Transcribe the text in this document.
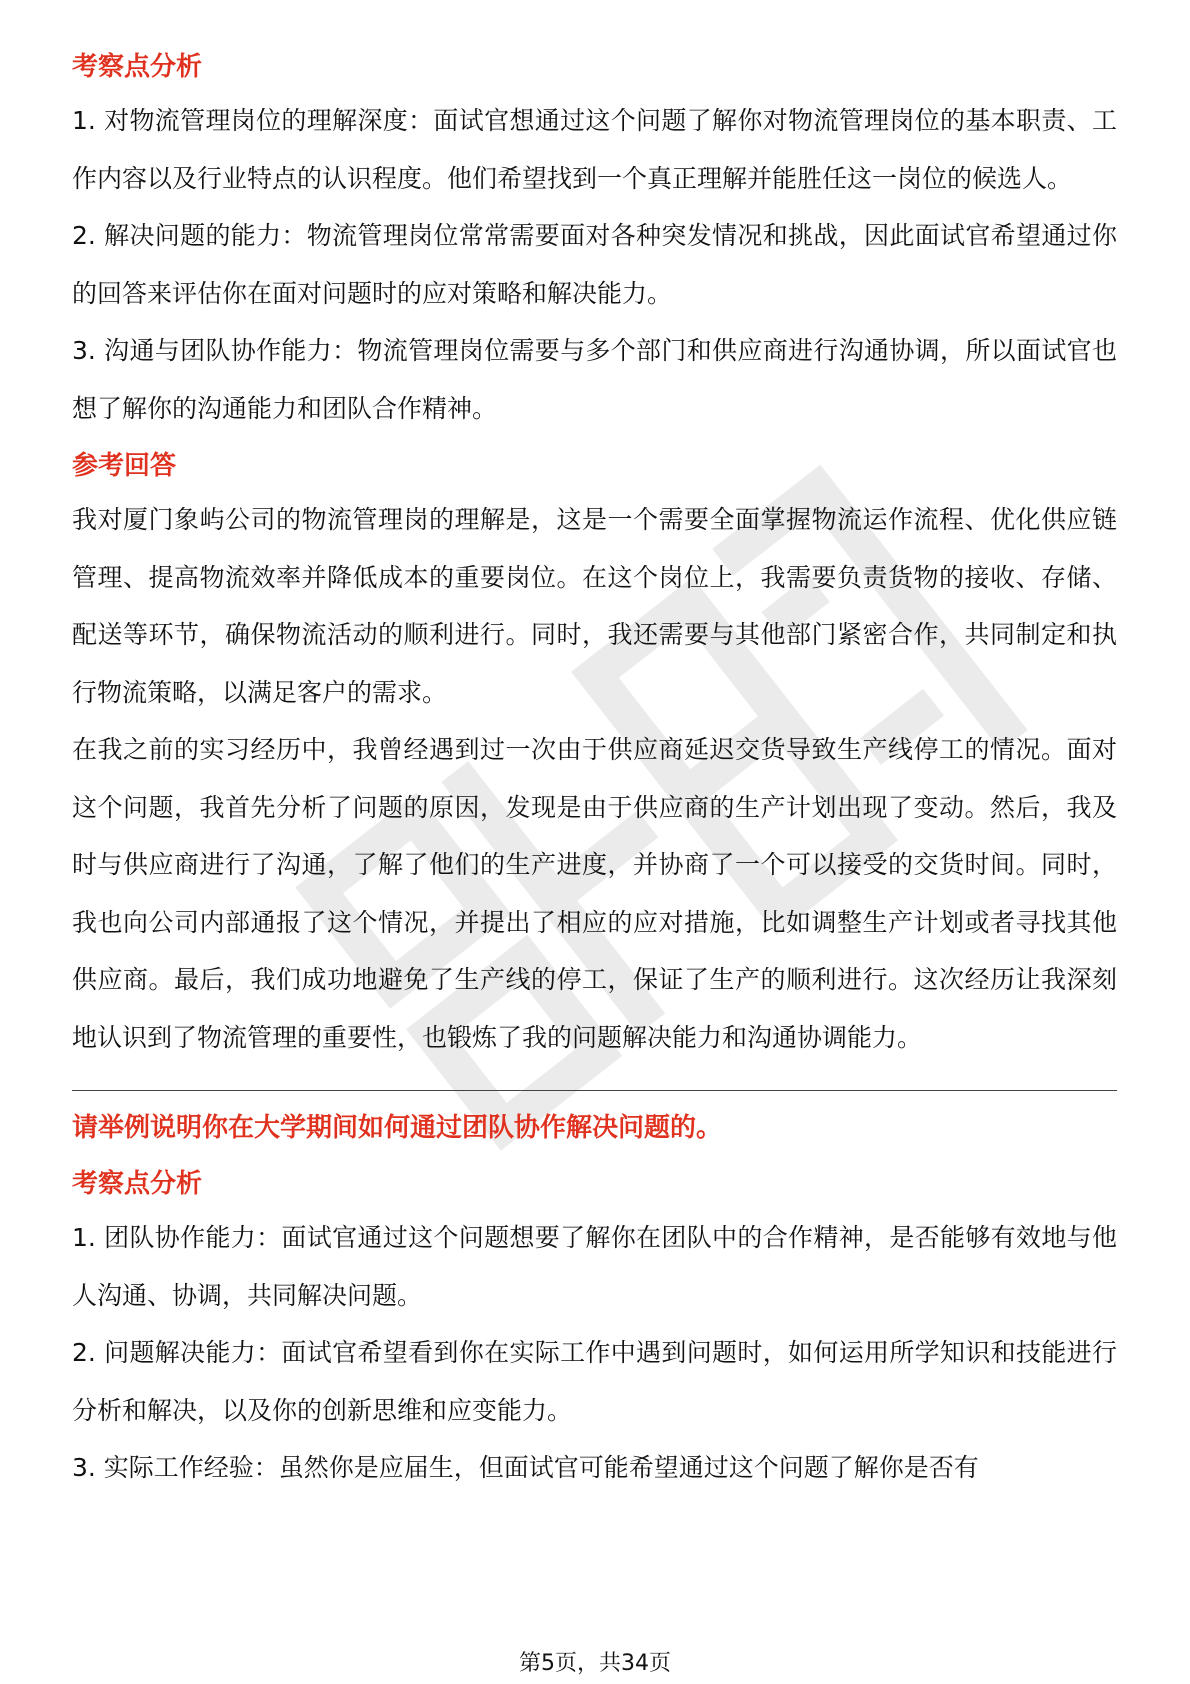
考察点分析

1. 对物流管理岗位的理解深度：面试官想通过这个问题了解你对物流管理岗位的基本职责、工作内容以及行业特点的认识程度。他们希望找到一个真正理解并能胜任这一岗位的候选人。

2. 解决问题的能力：物流管理岗位常常需要面对各种突发情况和挑战，因此面试官希望通过你的回答来评估你在面对问题时的应对策略和解决能力。

3. 沟通与团队协作能力：物流管理岗位需要与多个部门和供应商进行沟通协调，所以面试官也想了解你的沟通能力和团队合作精神。

参考回答

我对厦门象屿公司的物流管理岗的理解是，这是一个需要全面掌握物流运作流程、优化供应链管理、提高物流效率并降低成本的重要岗位。在这个岗位上，我需要负责货物的接收、存储、配送等环节，确保物流活动的顺利进行。同时，我还需要与其他部门紧密合作，共同制定和执行物流策略，以满足客户的需求。

在我之前的实习经历中，我曾经遇到过一次由于供应商延迟交货导致生产线停工的情况。面对这个问题，我首先分析了问题的原因，发现是由于供应商的生产计划出现了变动。然后，我及时与供应商进行了沟通，了解了他们的生产进度，并协商了一个可以接受的交货时间。同时，我也向公司内部通报了这个情况，并提出了相应的应对措施，比如调整生产计划或者寻找其他供应商。最后，我们成功地避免了生产线的停工，保证了生产的顺利进行。这次经历让我深刻地认识到了物流管理的重要性，也锻炼了我的问题解决能力和沟通协调能力。

请举例说明你在大学期间如何通过团队协作解决问题的。
考察点分析

1. 团队协作能力：面试官通过这个问题想要了解你在团队中的合作精神，是否能够有效地与他人沟通、协调，共同解决问题。

2. 问题解决能力：面试官希望看到你在实际工作中遇到问题时，如何运用所学知识和技能进行分析和解决，以及你的创新思维和应变能力。

3. 实际工作经验：虽然你是应届生，但面试官可能希望通过这个问题了解你是否有

第5页，共34页
